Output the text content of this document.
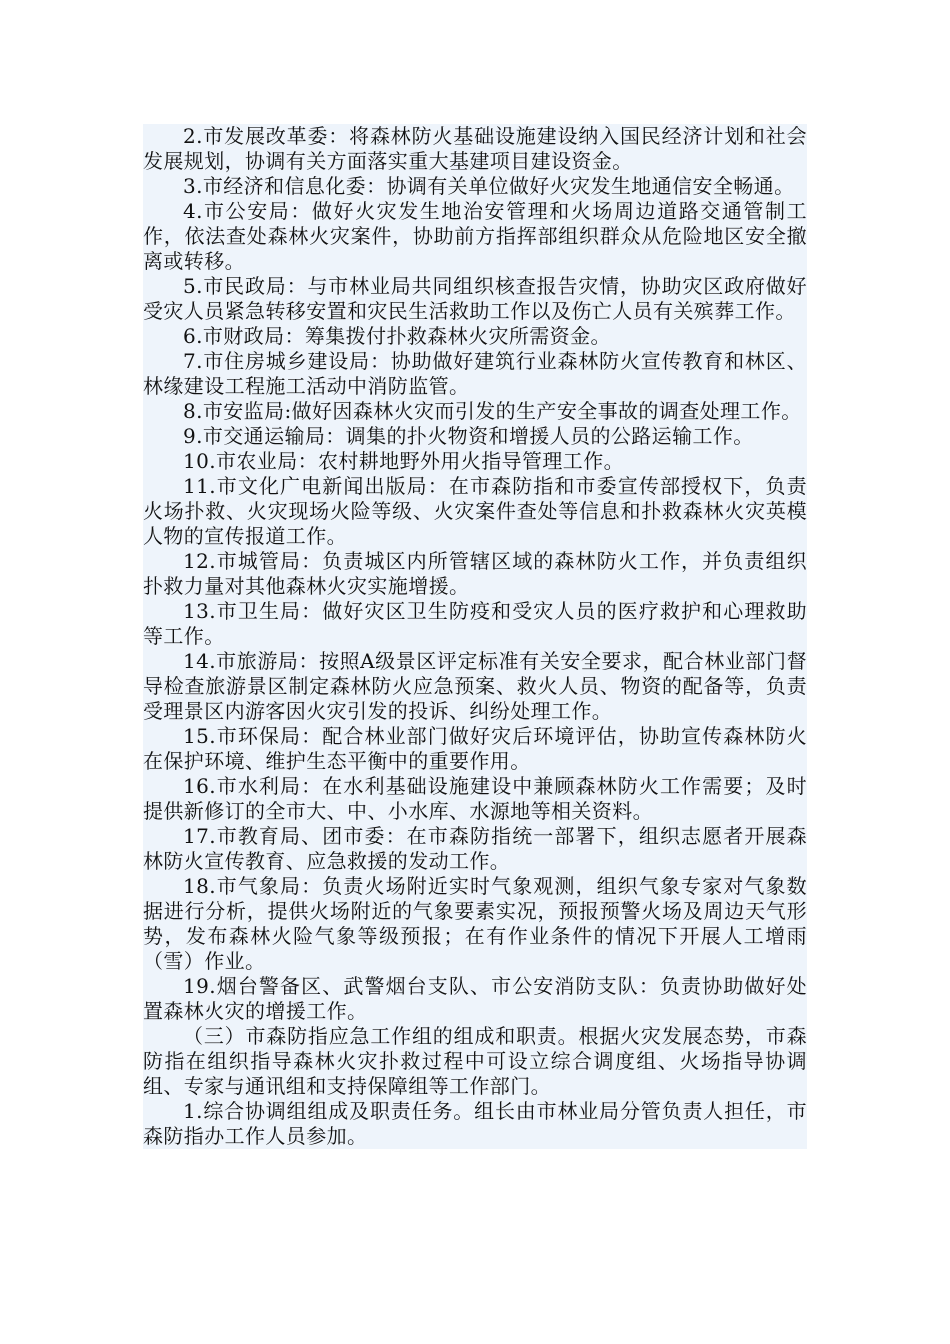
2.市发展改革委：将森林防火基础设施建设纳入国民经济计划和社会发展规划，协调有关方面落实重大基建项目建设资金。

3.市经济和信息化委：协调有关单位做好火灾发生地通信安全畅通。

4.市公安局：做好火灾发生地治安管理和火场周边道路交通管制工作，依法查处森林火灾案件，协助前方指挥部组织群众从危险地区安全撤离或转移。

5.市民政局：与市林业局共同组织核查报告灾情，协助灾区政府做好受灾人员紧急转移安置和灾民生活救助工作以及伤亡人员有关殡葬工作。

6.市财政局：筹集拨付扑救森林火灾所需资金。

7.市住房城乡建设局：协助做好建筑行业森林防火宣传教育和林区、林缘建设工程施工活动中消防监管。

8.市安监局:做好因森林火灾而引发的生产安全事故的调查处理工作。

9.市交通运输局：调集的扑火物资和增援人员的公路运输工作。

10.市农业局：农村耕地野外用火指导管理工作。

11.市文化广电新闻出版局：在市森防指和市委宣传部授权下，负责火场扑救、火灾现场火险等级、火灾案件查处等信息和扑救森林火灾英模人物的宣传报道工作。

12.市城管局：负责城区内所管辖区域的森林防火工作，并负责组织扑救力量对其他森林火灾实施增援。

13.市卫生局：做好灾区卫生防疫和受灾人员的医疗救护和心理救助等工作。

14.市旅游局：按照A级景区评定标准有关安全要求，配合林业部门督导检查旅游景区制定森林防火应急预案、救火人员、物资的配备等，负责受理景区内游客因火灾引发的投诉、纠纷处理工作。

15.市环保局：配合林业部门做好灾后环境评估，协助宣传森林防火在保护环境、维护生态平衡中的重要作用。

16.市水利局：在水利基础设施建设中兼顾森林防火工作需要；及时提供新修订的全市大、中、小水库、水源地等相关资料。

17.市教育局、团市委：在市森防指统一部署下，组织志愿者开展森林防火宣传教育、应急救援的发动工作。

18.市气象局：负责火场附近实时气象观测，组织气象专家对气象数据进行分析，提供火场附近的气象要素实况，预报预警火场及周边天气形势，发布森林火险气象等级预报；在有作业条件的情况下开展人工增雨（雪）作业。

19.烟台警备区、武警烟台支队、市公安消防支队：负责协助做好处置森林火灾的增援工作。

（三）市森防指应急工作组的组成和职责。根据火灾发展态势，市森防指在组织指导森林火灾扑救过程中可设立综合调度组、火场指导协调组、专家与通讯组和支持保障组等工作部门。

1.综合协调组组成及职责任务。组长由市林业局分管负责人担任，市森防指办工作人员参加。
